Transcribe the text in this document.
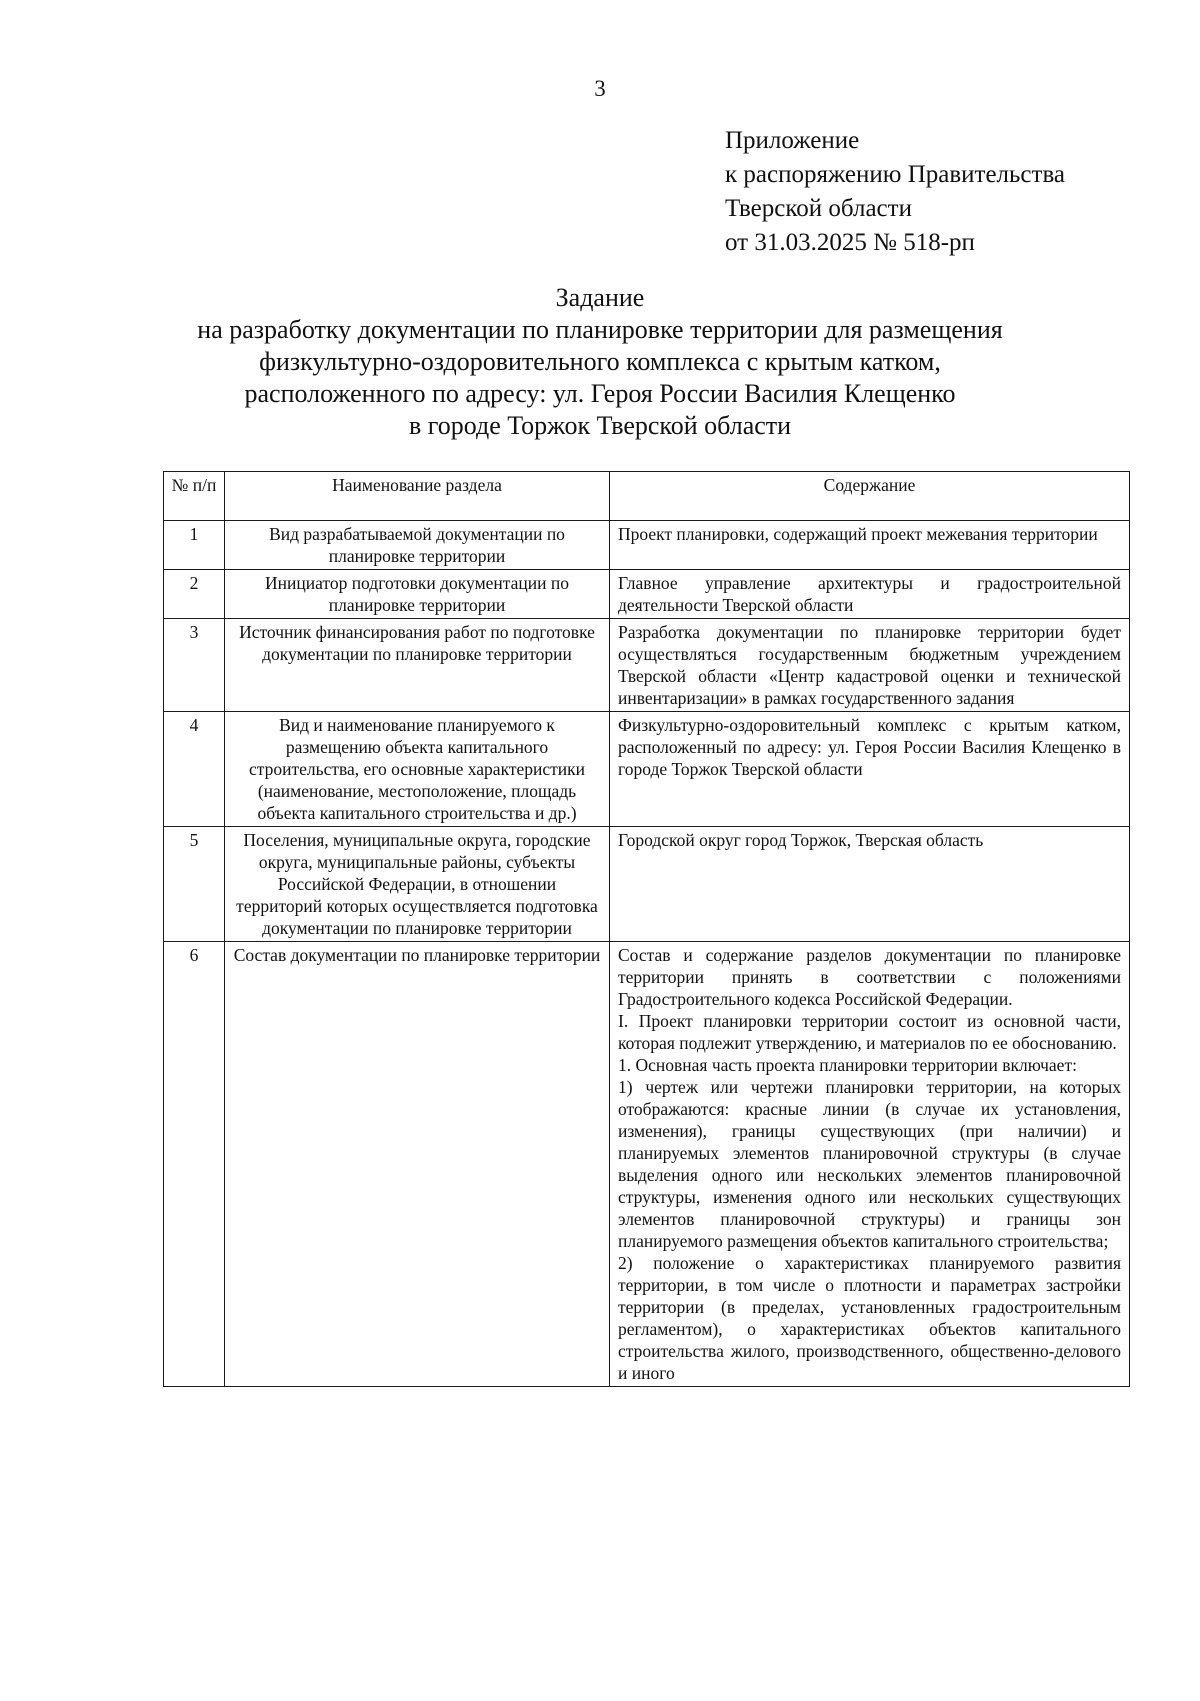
3
Приложение
к распоряжению Правительства
Тверской области
от 31.03.2025 № 518-рп
Задание
на разработку документации по планировке территории для размещения
физкультурно-оздоровительного комплекса с крытым катком,
расположенного по адресу: ул. Героя России Василия Клещенко
в городе Торжок Тверской области
№ п/п	Наименование раздела	Содержание
1	Вид разрабатываемой документации по планировке территории	Проект планировки, содержащий проект межевания территории
2	Инициатор подготовки документации по планировке территории	Главное управление архитектуры и градостроительной деятельности Тверской области
3	Источник финансирования работ по подготовке документации по планировке территории	Разработка документации по планировке территории будет осуществляться государственным бюджетным учреждением Тверской области «Центр кадастровой оценки и технической инвентаризации» в рамках государственного задания
4	Вид и наименование планируемого к размещению объекта капитального строительства, его основные характеристики (наименование, местоположение, площадь объекта капитального строительства и др.)	Физкультурно-оздоровительный комплекс с крытым катком, расположенный по адресу: ул. Героя России Василия Клещенко в городе Торжок Тверской области
5	Поселения, муниципальные округа, городские округа, муниципальные районы, субъекты Российской Федерации, в отношении территорий которых осуществляется подготовка документации по планировке территории	Городской округ город Торжок, Тверская область
6	Состав документации по планировке территории	Состав и содержание разделов документации по планировке территории принять в соответствии с положениями Градостроительного кодекса Российской Федерации.
I. Проект планировки территории состоит из основной части, которая подлежит утверждению, и материалов по ее обоснованию.
1. Основная часть проекта планировки территории включает:
1) чертеж или чертежи планировки территории, на которых отображаются: красные линии (в случае их установления, изменения), границы существующих (при наличии) и планируемых элементов планировочной структуры (в случае выделения одного или нескольких элементов планировочной структуры, изменения одного или нескольких существующих элементов планировочной структуры) и границы зон планируемого размещения объектов капитального строительства;
2) положение о характеристиках планируемого развития территории, в том числе о плотности и параметрах застройки территории (в пределах, установленных градостроительным регламентом), о характеристиках объектов капитального строительства жилого, производственного, общественно-делового и иного
